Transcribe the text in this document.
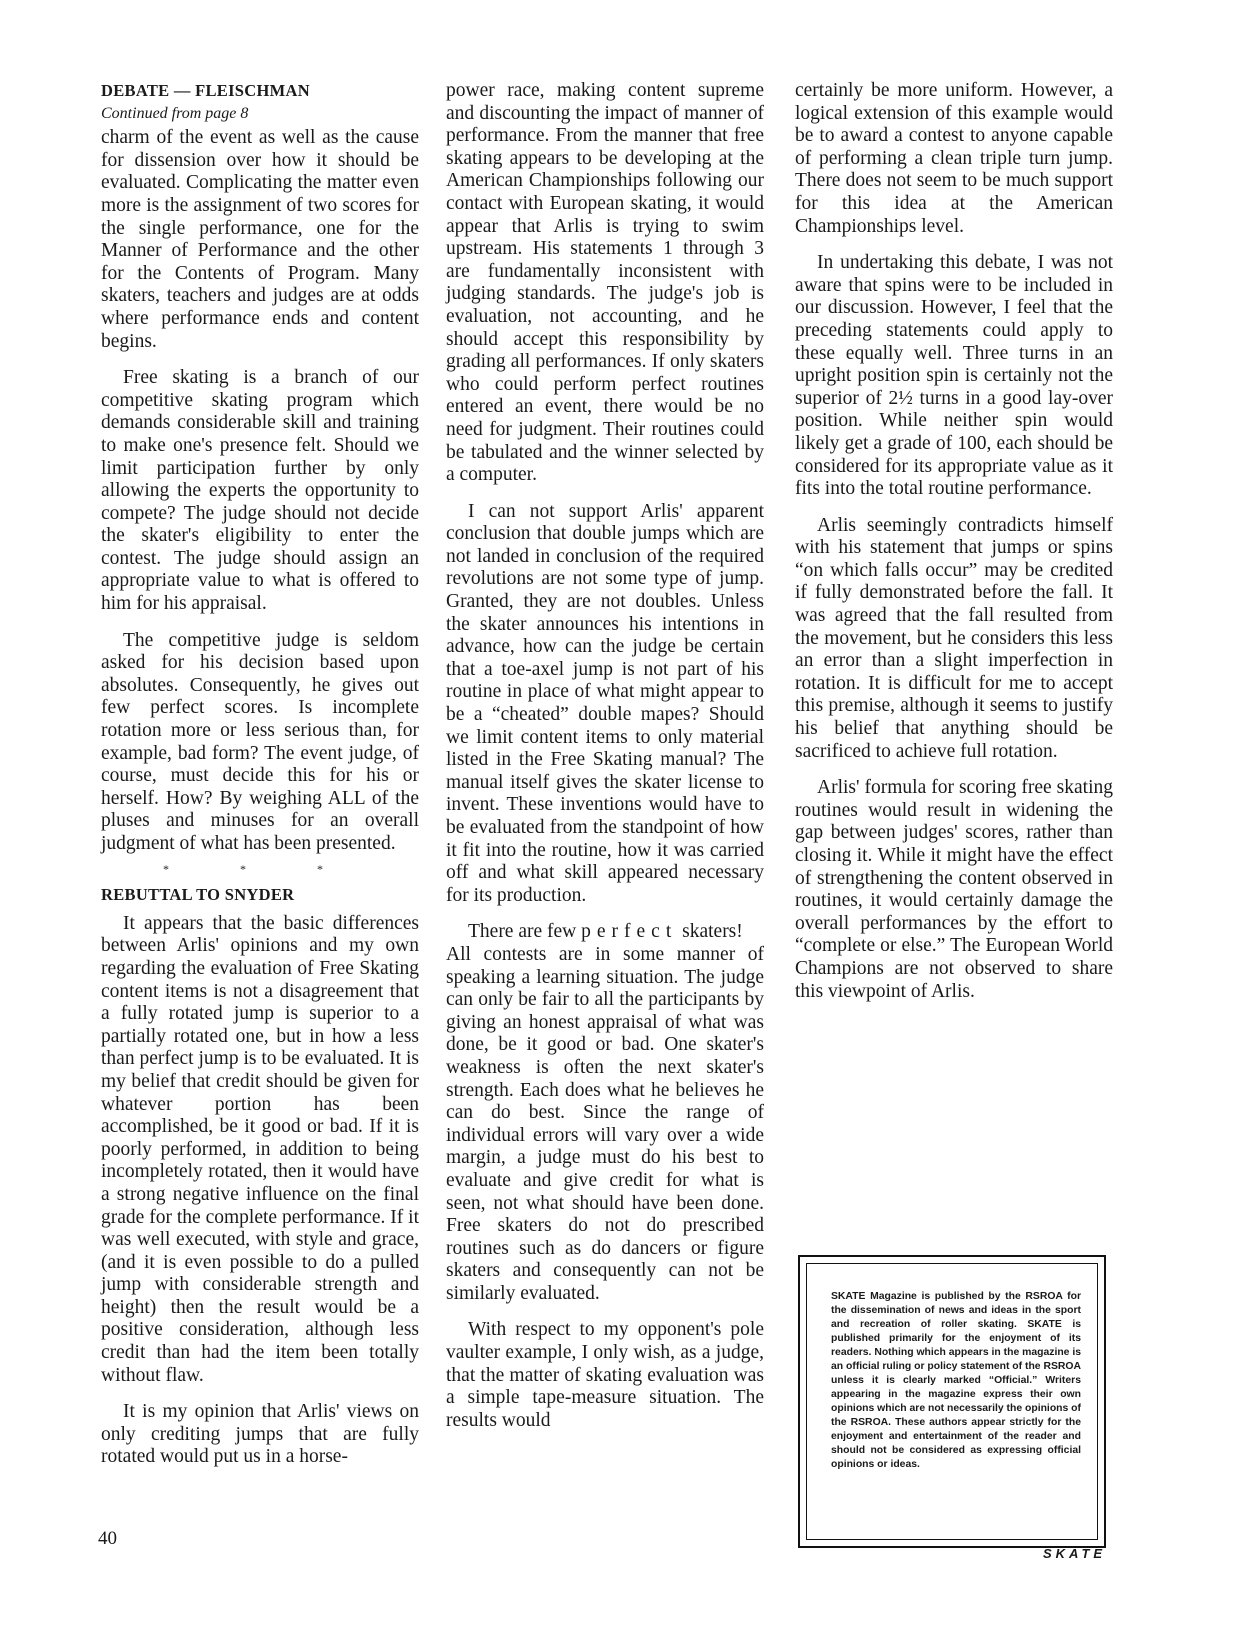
DEBATE — FLEISCHMAN

Continued from page 8

charm of the event as well as the cause for dissension over how it should be evaluated. Complicating the matter even more is the assignment of two scores for the single performance, one for the Manner of Performance and the other for the Contents of Program. Many skaters, teachers and judges are at odds where performance ends and content begins.

Free skating is a branch of our competitive skating program which demands considerable skill and training to make one's presence felt. Should we limit participation further by only allowing the experts the opportunity to compete? The judge should not decide the skater's eligibility to enter the contest. The judge should assign an appropriate value to what is offered to him for his appraisal.

The competitive judge is seldom asked for his decision based upon absolutes. Consequently, he gives out few perfect scores. Is incomplete rotation more or less serious than, for example, bad form? The event judge, of course, must decide this for his or herself. How? By weighing ALL of the pluses and minuses for an overall judgment of what has been presented.

* * *

REBUTTAL TO SNYDER

It appears that the basic differences between Arlis' opinions and my own regarding the evaluation of Free Skating content items is not a disagreement that a fully rotated jump is superior to a partially rotated one, but in how a less than perfect jump is to be evaluated. It is my belief that credit should be given for whatever portion has been accomplished, be it good or bad. If it is poorly performed, in addition to being incompletely rotated, then it would have a strong negative influence on the final grade for the complete performance. If it was well executed, with style and grace, (and it is even possible to do a pulled jump with considerable strength and height) then the result would be a positive consideration, although less credit than had the item been totally without flaw.

It is my opinion that Arlis' views on only crediting jumps that are fully rotated would put us in a horse-

power race, making content supreme and discounting the impact of manner of performance. From the manner that free skating appears to be developing at the American Championships following our contact with European skating, it would appear that Arlis is trying to swim upstream. His statements 1 through 3 are fundamentally inconsistent with judging standards. The judge's job is evaluation, not accounting, and he should accept this responsibility by grading all performances. If only skaters who could perform perfect routines entered an event, there would be no need for judgment. Their routines could be tabulated and the winner selected by a computer.

I can not support Arlis' apparent conclusion that double jumps which are not landed in conclusion of the required revolutions are not some type of jump. Granted, they are not doubles. Unless the skater announces his intentions in advance, how can the judge be certain that a toe-axel jump is not part of his routine in place of what might appear to be a “cheated” double mapes? Should we limit content items to only material listed in the Free Skating manual? The manual itself gives the skater license to invent. These inventions would have to be evaluated from the standpoint of how it fit into the routine, how it was carried off and what skill appeared necessary for its production.

There are few perfect skaters!

All contests are in some manner of speaking a learning situation. The judge can only be fair to all the participants by giving an honest appraisal of what was done, be it good or bad. One skater's weakness is often the next skater's strength. Each does what he believes he can do best. Since the range of individual errors will vary over a wide margin, a judge must do his best to evaluate and give credit for what is seen, not what should have been done. Free skaters do not do prescribed routines such as do dancers or figure skaters and consequently can not be similarly evaluated.

With respect to my opponent's pole vaulter example, I only wish, as a judge, that the matter of skating evaluation was a simple tape-measure situation. The results would

certainly be more uniform. However, a logical extension of this example would be to award a contest to anyone capable of performing a clean triple turn jump. There does not seem to be much support for this idea at the American Championships level.

In undertaking this debate, I was not aware that spins were to be included in our discussion. However, I feel that the preceding statements could apply to these equally well. Three turns in an upright position spin is certainly not the superior of 2½ turns in a good lay-over position. While neither spin would likely get a grade of 100, each should be considered for its appropriate value as it fits into the total routine performance.

Arlis seemingly contradicts himself with his statement that jumps or spins “on which falls occur” may be credited if fully demonstrated before the fall. It was agreed that the fall resulted from the movement, but he considers this less an error than a slight imperfection in rotation. It is difficult for me to accept this premise, although it seems to justify his belief that anything should be sacrificed to achieve full rotation.

Arlis' formula for scoring free skating routines would result in widening the gap between judges' scores, rather than closing it. While it might have the effect of strengthening the content observed in routines, it would certainly damage the overall performances by the effort to “complete or else.” The European World Champions are not observed to share this viewpoint of Arlis.

SKATE Magazine is published by the RSROA for the dissemination of news and ideas in the sport and recreation of roller skating. SKATE is published primarily for the enjoyment of its readers. Nothing which appears in the magazine is an official ruling or policy statement of the RSROA unless it is clearly marked “Official.” Writers appearing in the magazine express their own opinions which are not necessarily the opinions of the RSROA. These authors appear strictly for the enjoyment and entertainment of the reader and should not be considered as expressing official opinions or ideas.
40
SKATE
